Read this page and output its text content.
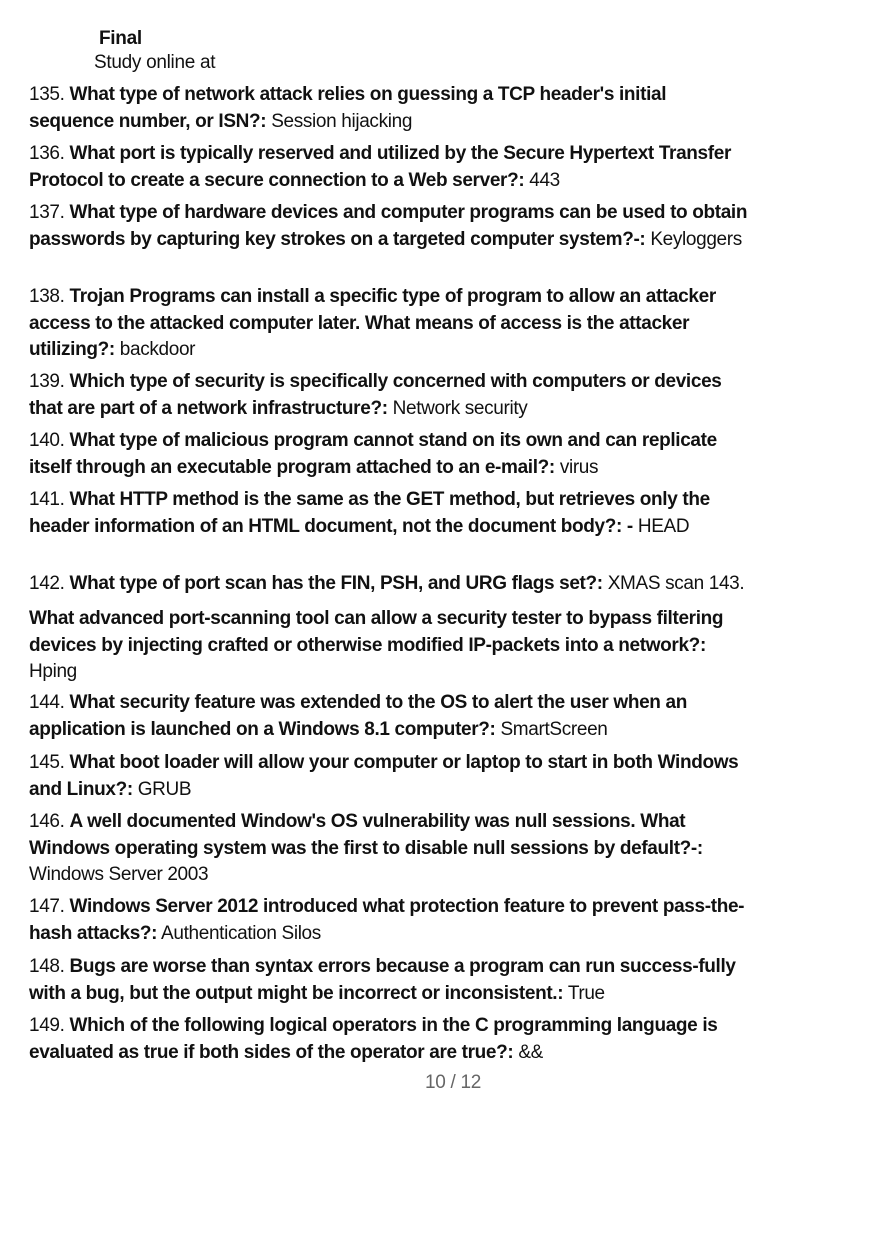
Final
Study online at

135. What type of network attack relies on guessing a TCP header's initial sequence number, or ISN?: Session hijacking

136. What port is typically reserved and utilized by the Secure Hypertext Transfer Protocol to create a secure connection to a Web server?: 443

137. What type of hardware devices and computer programs can be used to obtain passwords by capturing key strokes on a targeted computer system?-: Keyloggers

138. Trojan Programs can install a specific type of program to allow an attacker access to the attacked computer later. What means of access is the attacker utilizing?: backdoor

139. Which type of security is specifically concerned with computers or devices that are part of a network infrastructure?: Network security

140. What type of malicious program cannot stand on its own and can replicate itself through an executable program attached to an e-mail?: virus

141. What HTTP method is the same as the GET method, but retrieves only the header information of an HTML document, not the document body?: - HEAD

142. What type of port scan has the FIN, PSH, and URG flags set?: XMAS scan 143.

What advanced port-scanning tool can allow a security tester to bypass filtering devices by injecting crafted or otherwise modified IP-packets into a network?: Hping

144. What security feature was extended to the OS to alert the user when an application is launched on a Windows 8.1 computer?: SmartScreen

145. What boot loader will allow your computer or laptop to start in both Windows and Linux?: GRUB

146. A well documented Window's OS vulnerability was null sessions. What Windows operating system was the first to disable null sessions by default?-: Windows Server 2003

147. Windows Server 2012 introduced what protection feature to prevent pass-the-hash attacks?: Authentication Silos

148. Bugs are worse than syntax errors because a program can run success-fully with a bug, but the output might be incorrect or inconsistent.: True

149. Which of the following logical operators in the C programming language is evaluated as true if both sides of the operator are true?: &&

10 / 12
